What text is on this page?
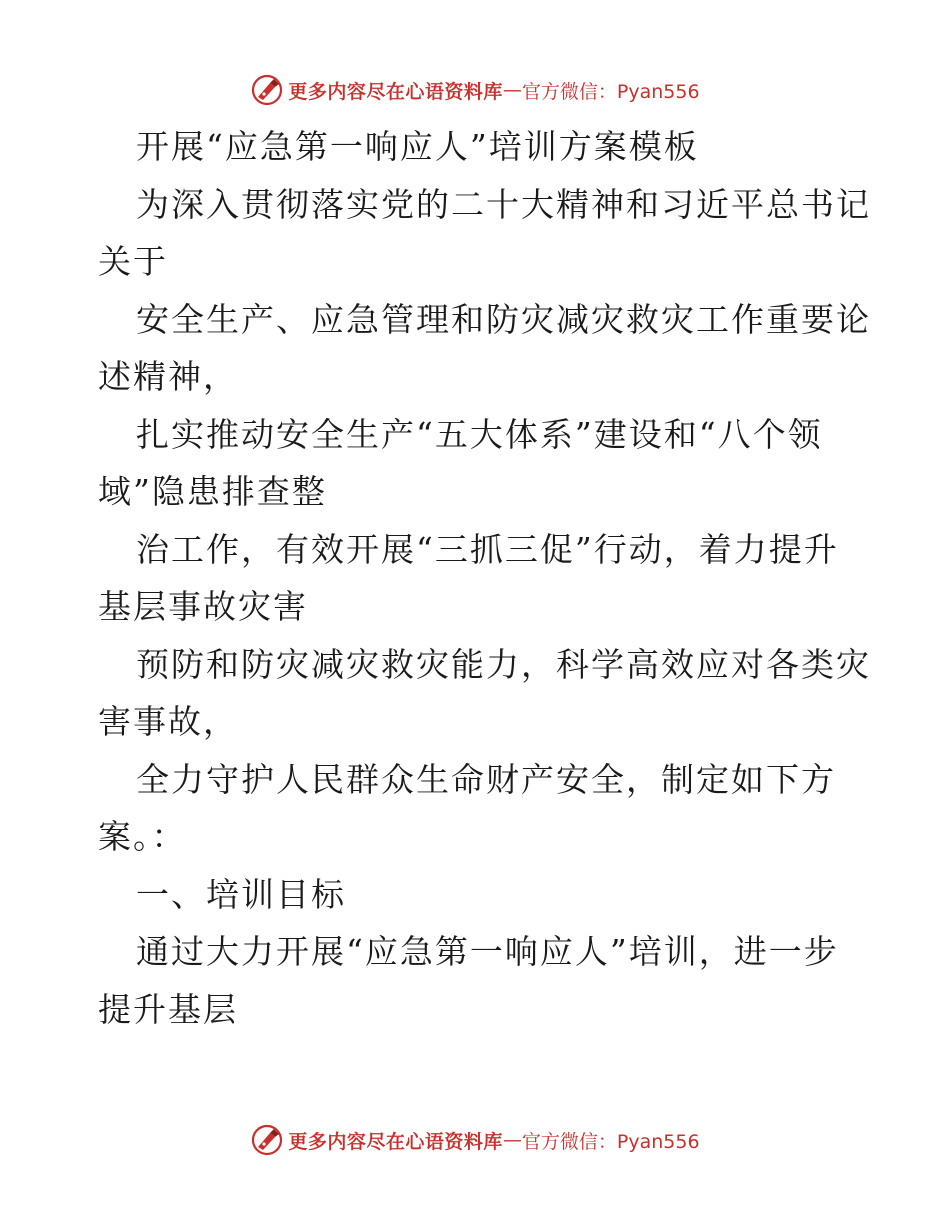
更多内容尽在心语资料库 — 官方微信：Pyan556
开展“应急第一响应人”培训方案模板
为深入贯彻落实党的二十大精神和习近平总书记
关于
安全生产、应急管理和防灾减灾救灾工作重要论
述精神，
扎实推动安全生产“五大体系”建设和“八个领
域”隐患排查整
治工作，有效开展“三抓三促”行动，着力提升
基层事故灾害
预防和防灾减灾救灾能力，科学高效应对各类灾
害事故，
全力守护人民群众生命财产安全，制定如下方
案。：
一、培训目标
通过大力开展“应急第一响应人”培训，进一步
提升基层
更多内容尽在心语资料库 — 官方微信：Pyan556
